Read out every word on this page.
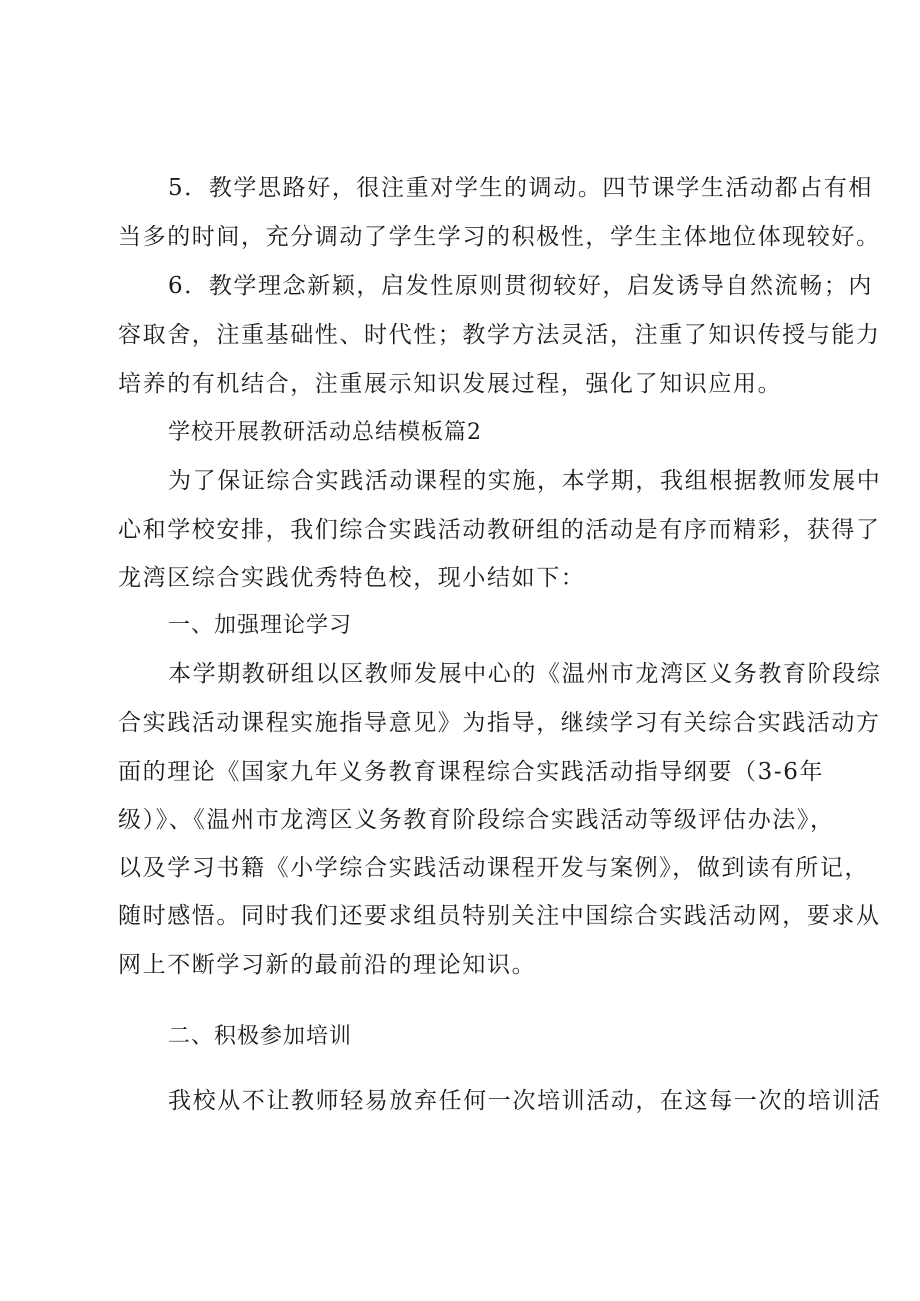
5．教学思路好，很注重对学生的调动。四节课学生活动都占有相
当多的时间，充分调动了学生学习的积极性，学生主体地位体现较好。
6．教学理念新颖，启发性原则贯彻较好，启发诱导自然流畅；内
容取舍，注重基础性、时代性；教学方法灵活，注重了知识传授与能力
培养的有机结合，注重展示知识发展过程，强化了知识应用。
学校开展教研活动总结模板篇2
为了保证综合实践活动课程的实施，本学期，我组根据教师发展中
心和学校安排，我们综合实践活动教研组的活动是有序而精彩，获得了
龙湾区综合实践优秀特色校，现小结如下：
一、加强理论学习
本学期教研组以区教师发展中心的《温州市龙湾区义务教育阶段综
合实践活动课程实施指导意见》为指导，继续学习有关综合实践活动方
面的理论《国家九年义务教育课程综合实践活动指导纲要（3-6年
级）》、《温州市龙湾区义务教育阶段综合实践活动等级评估办法》，
以及学习书籍《小学综合实践活动课程开发与案例》，做到读有所记，
随时感悟。同时我们还要求组员特别关注中国综合实践活动网，要求从
网上不断学习新的最前沿的理论知识。
二、积极参加培训
我校从不让教师轻易放弃任何一次培训活动，在这每一次的培训活
